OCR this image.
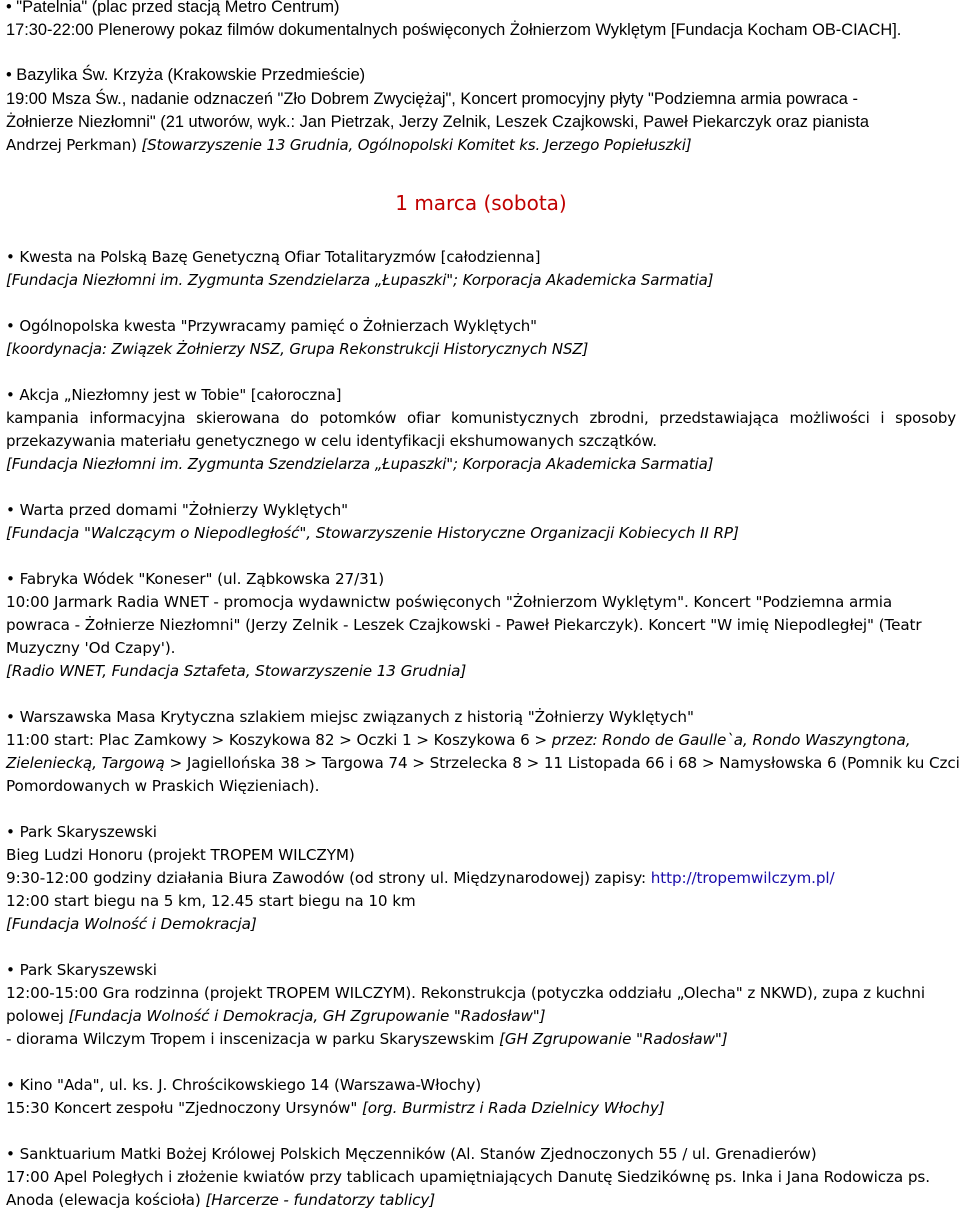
• "Patelnia" (plac przed stacją Metro Centrum)
17:30-22:00 Plenerowy pokaz filmów dokumentalnych poświęconych Żołnierzom Wyklętym [Fundacja Kocham OB-CIACH].
• Bazylika Św. Krzyża (Krakowskie Przedmieście)
19:00 Msza Św., nadanie odznaczeń "Zło Dobrem Zwyciężaj", Koncert promocyjny płyty "Podziemna armia powraca -
Żołnierze Niezłomni" (21 utworów, wyk.: Jan Pietrzak, Jerzy Zelnik, Leszek Czajkowski, Paweł Piekarczyk oraz pianista
Andrzej Perkman) [Stowarzyszenie 13 Grudnia, Ogólnopolski Komitet ks. Jerzego Popiełuszki]
1 marca (sobota)
• Kwesta na Polską Bazę Genetyczną Ofiar Totalitaryzmów [całodzienna]
[Fundacja Niezłomni im. Zygmunta Szendzielarza „Łupaszki"; Korporacja Akademicka Sarmatia]
• Ogólnopolska kwesta "Przywracamy pamięć o Żołnierzach Wyklętych"
[koordynacja: Związek Żołnierzy NSZ, Grupa Rekonstrukcji Historycznych NSZ]
• Akcja „Niezłomny jest w Tobie" [całoroczna]
kampania informacyjna skierowana do potomków ofiar komunistycznych zbrodni, przedstawiająca możliwości i sposoby
przekazywania materiału genetycznego w celu identyfikacji ekshumowanych szczątków.
[Fundacja Niezłomni im. Zygmunta Szendzielarza „Łupaszki"; Korporacja Akademicka Sarmatia]
• Warta przed domami "Żołnierzy Wyklętych"
[Fundacja "Walczącym o Niepodległość", Stowarzyszenie Historyczne Organizacji Kobiecych II RP]
• Fabryka Wódek "Koneser" (ul. Ząbkowska 27/31)
10:00 Jarmark Radia WNET - promocja wydawnictw poświęconych "Żołnierzom Wyklętym". Koncert "Podziemna armia
powraca - Żołnierze Niezłomni" (Jerzy Zelnik - Leszek Czajkowski - Paweł Piekarczyk). Koncert "W imię Niepodległej" (Teatr
Muzyczny 'Od Czapy').
[Radio WNET, Fundacja Sztafeta, Stowarzyszenie 13 Grudnia]
• Warszawska Masa Krytyczna szlakiem miejsc związanych z historią "Żołnierzy Wyklętych"
11:00 start: Plac Zamkowy > Koszykowa 82 > Oczki 1 > Koszykowa 6 > przez: Rondo de Gaulle`a, Rondo Waszyngtona,
Zieleniecką, Targową > Jagiellońska 38 > Targowa 74 > Strzelecka 8 > 11 Listopada 66 i 68 > Namysłowska 6 (Pomnik ku Czci
Pomordowanych w Praskich Więzieniach).
• Park Skaryszewski
Bieg Ludzi Honoru (projekt TROPEM WILCZYM)
9:30-12:00 godziny działania Biura Zawodów (od strony ul. Międzynarodowej) zapisy: http://tropemwilczym.pl/
12:00 start biegu na 5 km, 12.45 start biegu na 10 km
[Fundacja Wolność i Demokracja]
• Park Skaryszewski
12:00-15:00 Gra rodzinna (projekt TROPEM WILCZYM). Rekonstrukcja (potyczka oddziału „Olecha" z NKWD), zupa z kuchni
polowej [Fundacja Wolność i Demokracja, GH Zgrupowanie "Radosław"]
- diorama Wilczym Tropem i inscenizacja w parku Skaryszewskim [GH Zgrupowanie "Radosław"]
• Kino "Ada", ul. ks. J. Chrościkowskiego 14 (Warszawa-Włochy)
15:30 Koncert zespołu "Zjednoczony Ursynów" [org. Burmistrz i Rada Dzielnicy Włochy]
• Sanktuarium Matki Bożej Królowej Polskich Męczenników (Al. Stanów Zjednoczonych 55 / ul. Grenadierów)
17:00 Apel Poległych i złożenie kwiatów przy tablicach upamiętniających Danutę Siedzikównę ps. Inka i Jana Rodowicza ps.
Anoda (elewacja kościoła) [Harcerze - fundatorzy tablicy]
